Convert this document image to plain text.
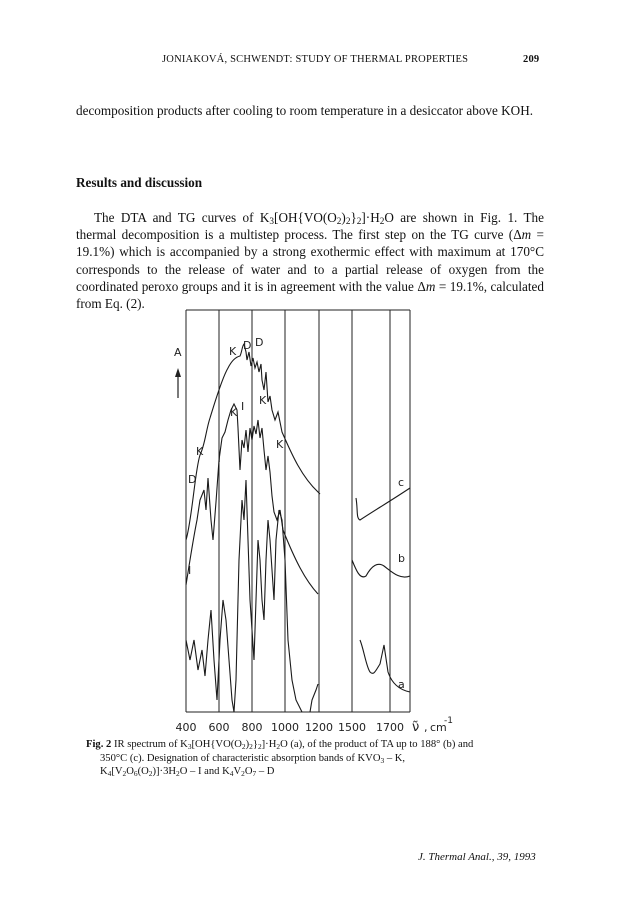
JONIAKOVÁ, SCHWENDT: STUDY OF THERMAL PROPERTIES	209
decomposition products after cooling to room temperature in a desiccator above KOH.
Results and discussion
The DTA and TG curves of $K_3[OH\{VO(O_2)_2\}_2]\cdot H_2O$ are shown in Fig. 1. The thermal decomposition is a multistep process. The first step on the TG curve (Δm = 19.1%) which is accompanied by a strong exothermic effect with maximum at 170°C corresponds to the release of water and to a partial release of oxygen from the coordinated peroxo groups and it is in agreement with the value Δm = 19.1%, calculated from Eq. (2).
A
c
b
a
K D D
K
K I
K
K
D
I
I
400 600 800 1000 1200 1500 1700 ν̃ , cm
-1
Fig. 2 IR spectrum of $K_3[OH\{VO(O_2)_2\}_2]\cdot H_2O$ (a), of the product of TA up to 188° (b) and
350°C (c). Designation of characteristic absorption bands of $KVO_3$ – K,
$K_4[V_2O_6(O_2)]\cdot 3H_2O - I$ and $K_4V_2O_7$ – D
J. Thermal Anal., 39, 1993
